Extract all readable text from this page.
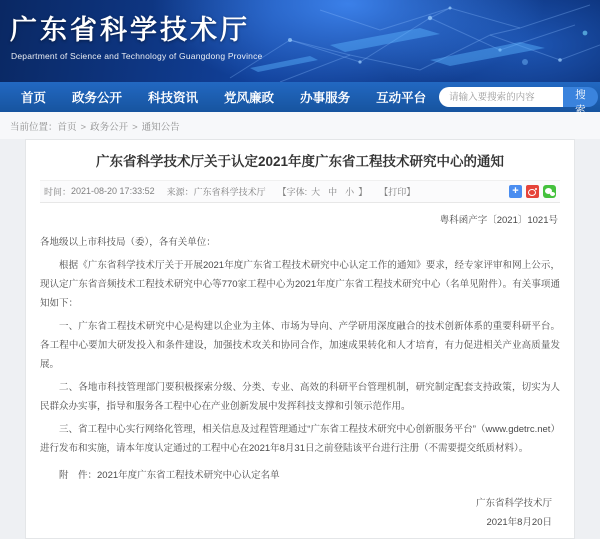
广东省科学技术厅
Department of Science and Technology of Guangdong Province
首页	政务公开	科技资讯	党风廉政	办事服务	互动平台
请输入要搜索的内容	搜 索
当前位置：首页 > 政务公开 > 通知公告
广东省科学技术厅关于认定2021年度广东省工程技术研究中心的通知
时间： 2021-08-20 17:33:52 来源： 广东省科学技术厅 【字体: 大 中 小 】 【打印】	+
粤科函产字〔2021〕1021号

各地级以上市科技局（委），各有关单位：

根据《广东省科学技术厅关于开展2021年度广东省工程技术研究中心认定工作的通知》要求，经专家评审和网上公示，现认定广东省音频技术工程技术研究中心等770家工程中心为2021年度广东省工程技术研究中心（名单见附件）。有关事项通知如下：

一、广东省工程技术研究中心是构建以企业为主体、市场为导向、产学研用深度融合的技术创新体系的重要科研平台。各工程中心要加大研发投入和条件建设，加强技术攻关和协同合作，加速成果转化和人才培育，有力促进相关产业高质量发展。

二、各地市科技管理部门要积极探索分级、分类、专业、高效的科研平台管理机制，研究制定配套支持政策，切实为人民群众办实事，指导和服务各工程中心在产业创新发展中发挥科技支撑和引领示范作用。

三、省工程中心实行网络化管理，相关信息及过程管理通过“广东省工程技术研究中心创新服务平台”（www.gdetrc.net）进行发布和实施，请本年度认定通过的工程中心在2021年8月31日之前登陆该平台进行注册（不需要提交纸质材料）。

附　件：2021年度广东省工程技术研究中心认定名单

广东省科学技术厅
2021年8月20日
